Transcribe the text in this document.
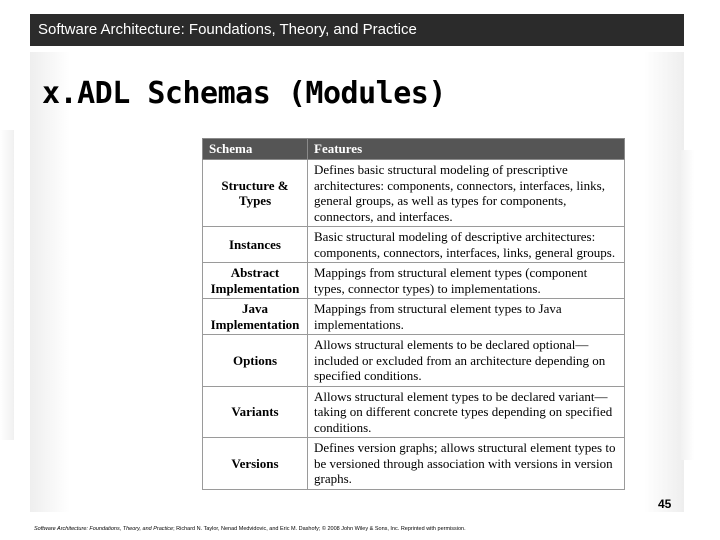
Software Architecture: Foundations, Theory, and Practice
x.ADL Schemas (Modules)
Schema	Features
Structure & Types	Defines basic structural modeling of prescriptive architectures: components, connectors, interfaces, links, general groups, as well as types for components, connectors, and interfaces.
Instances	Basic structural modeling of descriptive architectures: components, connectors, interfaces, links, general groups.
Abstract Implementation	Mappings from structural element types (component types, connector types) to implementations.
Java Implementation	Mappings from structural element types to Java implementations.
Options	Allows structural elements to be declared optional—included or excluded from an architecture depending on specified conditions.
Variants	Allows structural element types to be declared variant—taking on different concrete types depending on specified conditions.
Versions	Defines version graphs; allows structural element types to be versioned through association with versions in version graphs.
45
Software Architecture: Foundations, Theory, and Practice; Richard N. Taylor, Nenad Medvidovic, and Eric M. Dashofy; © 2008 John Wiley & Sons, Inc. Reprinted with permission.
